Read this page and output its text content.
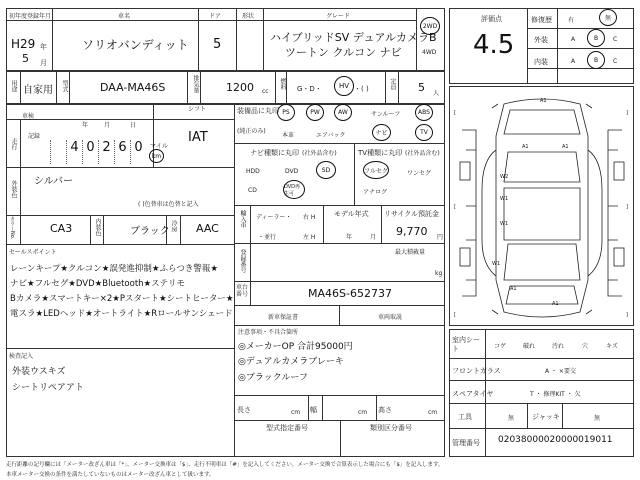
初年度登録年月	車名	ドア	形状	グレード
H29 年
5 月
ソリオバンディット 5	ハイブリッドSV デュアルカメラB
ツートン クルコン ナビ
2WD
4WD
用途 自家用 型式	DAA-MA46S	排気量 1200 cc
燃料 G・D・	HV ・( )	定員 5 人
シフト
車検
年	月	日
走行
記録
4 0 2 6 0	マイル
km
IAT
装備品に丸印
(純正のみ)
PS	PW	AW	サンルーフ	ABS
本革	エアバック	ナビ	TV
ナビ種類に丸印 (社外品含む)
HDD	DVD	SD
CD
DVD再生可
TV種類に丸印 (社外品含む)
フルセグ	ワンセグ
アナログ
外装色 シルバー
( )色替車は色替と記入
カラーNo.	CA3	内装色	ブラック 冷房 AAC
輸入車 ディーラー・
・並行
右 H
左 H
モデル年式
年	月
リサイクル預託金
9,770 円
セールスポイント
レーンキープ★クルコン★誤発進抑制★ふらつき警報★
ナビ★フルセグ★DVD★Bluetooth★ステリモ
Bカメラ★スマートキー×2★Pスタート★シートヒーター★
電スラ★LEDヘッド★オートライト★Rロールサンシェード
最大積載量
kg
登録番号
車台番号	MA46S-652737
新車保証書	車両取説
注意事項・不具合箇所
◎メーカーOP 合計95000円
◎デュアルカメラブレーキ
◎ブラックルーフ
検査記入
外装ウスキズ
シートリペアアト
長さ	cm 幅	cm 高さ	cm
型式指定番号	類別区分番号
評価点
4.5
修復歴	有	無
外装	A	B	C
内装	A	B	C
[	]
[	]
[	]
A1
A1	A1
W1
W2
W1
A1
A1
W1
室内シート	コゲ	破れ	汚れ	穴	キズ
フロントガラス	A ・ ×要交
スペアタイヤ	T ・ 修理KIT ・ 欠
工具	無	ジャッキ	無
管理番号 02038000020000019011
走行距離の記号欄には「メーター改ざん車は「*」、メーター交換車は「$」、走行不明車は「#」を記入してください。メーター交換で合算表示した場合にも「$」を記入します。
本車メーター交換の条件を満たしていないものはメーター改ざん車として扱います。
